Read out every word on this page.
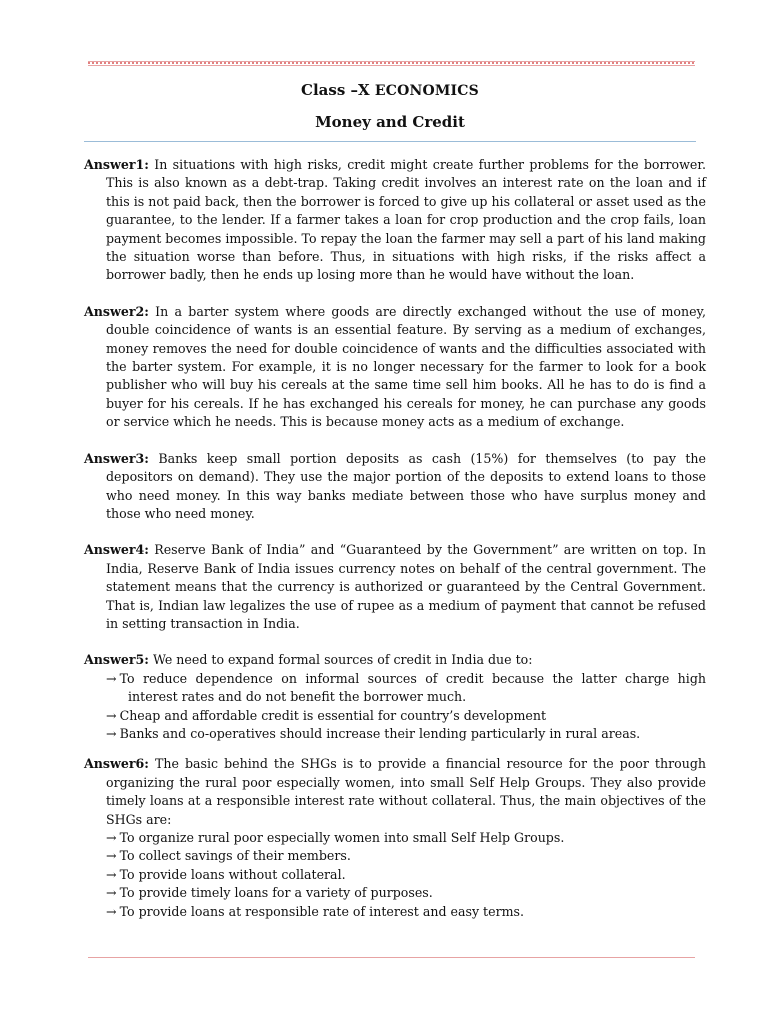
Class –X ECONOMICS
Money and Credit

Answer1: In situations with high risks, credit might create further problems for the borrower. This is also known as a debt-trap. Taking credit involves an interest rate on the loan and if this is not paid back, then the borrower is forced to give up his collateral or asset used as the guarantee, to the lender. If a farmer takes a loan for crop production and the crop fails, loan payment becomes impossible. To repay the loan the farmer may sell a part of his land making the situation worse than before. Thus, in situations with high risks, if the risks affect a borrower badly, then he ends up losing more than he would have without the loan.

Answer2: In a barter system where goods are directly exchanged without the use of money, double coincidence of wants is an essential feature. By serving as a medium of exchanges, money removes the need for double coincidence of wants and the difficulties associated with the barter system. For example, it is no longer necessary for the farmer to look for a book publisher who will buy his cereals at the same time sell him books. All he has to do is find a buyer for his cereals. If he has exchanged his cereals for money, he can purchase any goods or service which he needs. This is because money acts as a medium of exchange.

Answer3: Banks keep small portion deposits as cash (15%) for themselves (to pay the depositors on demand). They use the major portion of the deposits to extend loans to those who need money. In this way banks mediate between those who have surplus money and those who need money.

Answer4: Reserve Bank of India” and “Guaranteed by the Government” are written on top. In India, Reserve Bank of India issues currency notes on behalf of the central government. The statement means that the currency is authorized or guaranteed by the Central Government. That is, Indian law legalizes the use of rupee as a medium of payment that cannot be refused in setting transaction in India.

Answer5: We need to expand formal sources of credit in India due to:

→ To reduce dependence on informal sources of credit because the latter charge high interest rates and do not benefit the borrower much.
→ Cheap and affordable credit is essential for country’s development
→ Banks and co-operatives should increase their lending particularly in rural areas.

Answer6: The basic behind the SHGs is to provide a financial resource for the poor through organizing the rural poor especially women, into small Self Help Groups. They also provide timely loans at a responsible interest rate without collateral. Thus, the main objectives of the SHGs are:

→ To organize rural poor especially women into small Self Help Groups.
→ To collect savings of their members.
→ To provide loans without collateral.
→ To provide timely loans for a variety of purposes.
→ To provide loans at responsible rate of interest and easy terms.
